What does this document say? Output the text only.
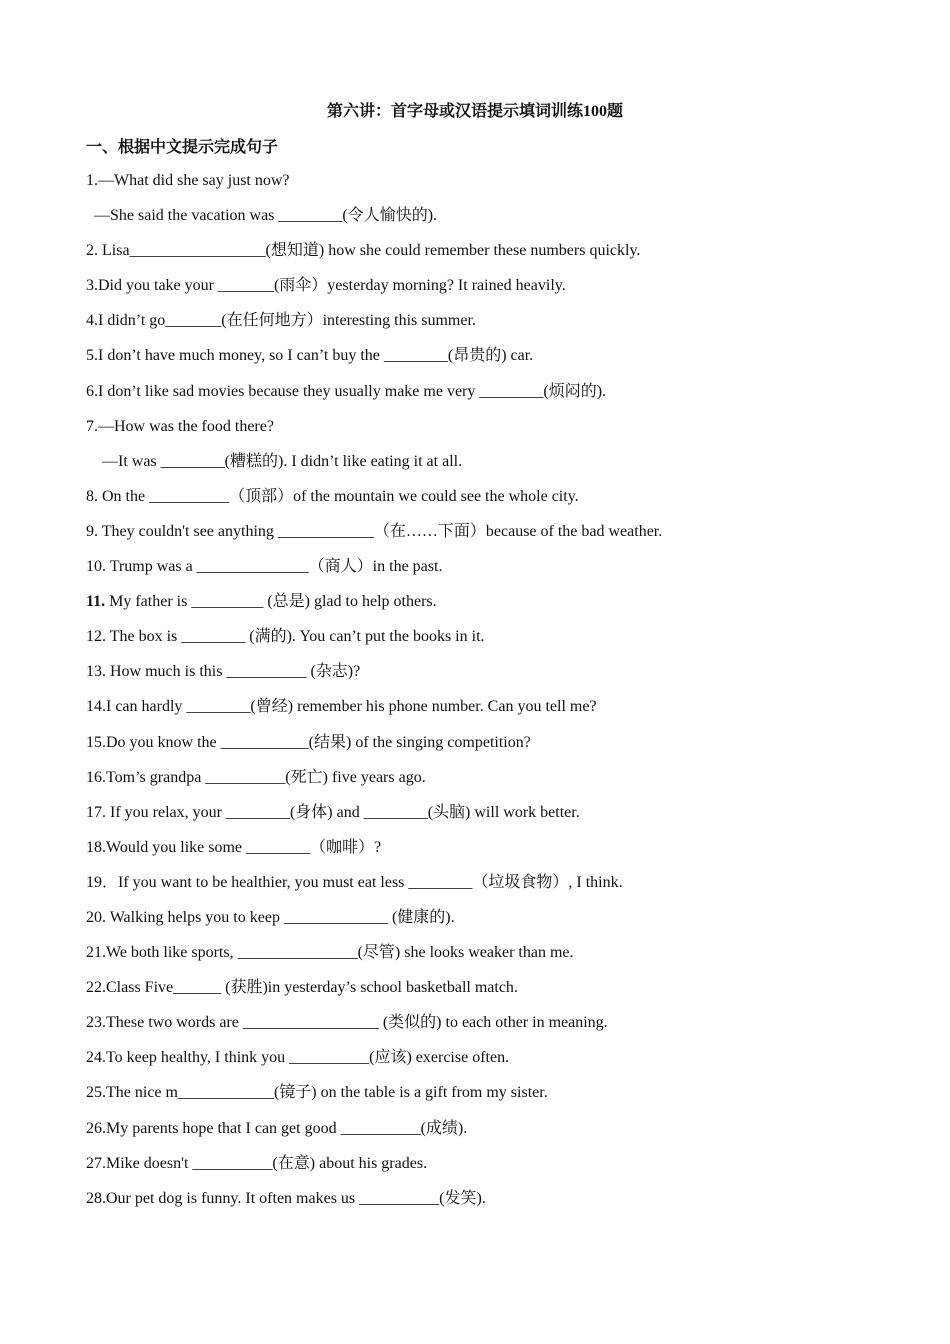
第六讲：首字母或汉语提示填词训练100题
一、根据中文提示完成句子
1.—What did she say just now?
—She said the vacation was ________(令人愉快的).
2. Lisa_________________(想知道) how she could remember these numbers quickly.
3.Did you take your _______(雨伞）yesterday morning? It rained heavily.
4.I didn’t go_______(在任何地方）interesting this summer.
5.I don’t have much money, so I can’t buy the ________(昂贵的) car.
6.I don’t like sad movies because they usually make me very ________(烦闷的).
7.—How was the food there?
—It was ________(糟糕的). I didn’t like eating it at all.
8. On the __________（顶部）of the mountain we could see the whole city.
9. They couldn't see anything ____________（在……下面）because of the bad weather.
10. Trump was a ______________（商人）in the past.
11. My father is _________ (总是) glad to help others.
12. The box is ________ (满的). You can’t put the books in it.
13. How much is this __________ (杂志)?
14.I can hardly ________(曾经) remember his phone number. Can you tell me?
15.Do you know the ___________(结果) of the singing competition?
16.Tom’s grandpa __________(死亡) five years ago.
17. If you relax, your ________(身体) and ________(头脑) will work better.
18.Would you like some ________（咖啡）?
19．If you want to be healthier, you must eat less ________（垃圾食物）, I think.
20. Walking helps you to keep _____________ (健康的).
21.We both like sports, _______________(尽管) she looks weaker than me.
22.Class Five______ (获胜)in yesterday’s school basketball match.
23.These two words are _________________ (类似的) to each other in meaning.
24.To keep healthy, I think you __________(应该) exercise often.
25.The nice m____________(镜子) on the table is a gift from my sister.
26.My parents hope that I can get good __________(成绩).
27.Mike doesn't __________(在意) about his grades.
28.Our pet dog is funny. It often makes us __________(发笑).
